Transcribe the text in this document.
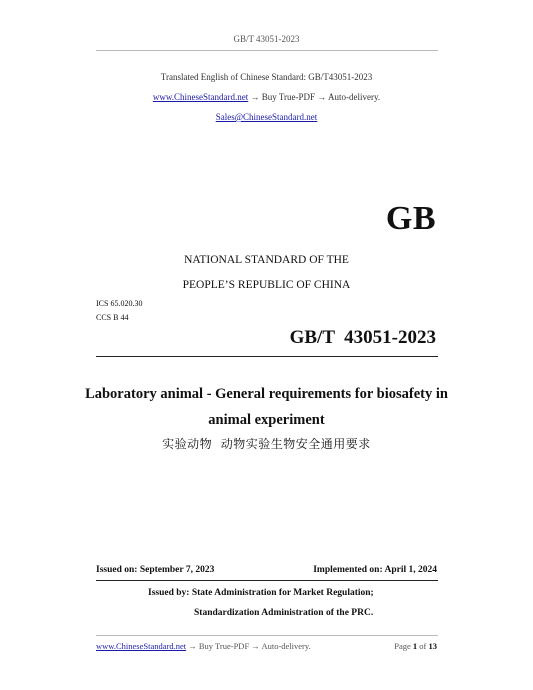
GB/T 43051-2023
Translated English of Chinese Standard: GB/T43051-2023
www.ChineseStandard.net → Buy True-PDF → Auto-delivery.
Sales@ChineseStandard.net
GB
NATIONAL STANDARD OF THE
PEOPLE’S REPUBLIC OF CHINA
ICS 65.020.30
CCS B 44
GB/T  43051-2023
Laboratory animal - General requirements for biosafety in
animal experiment
实验动物  动物实验生物安全通用要求
Issued on: September 7, 2023	Implemented on: April 1, 2024
Issued by: State Administration for Market Regulation;
Standardization Administration of the PRC.
www.ChineseStandard.net → Buy True-PDF → Auto-delivery.	Page 1 of 13
